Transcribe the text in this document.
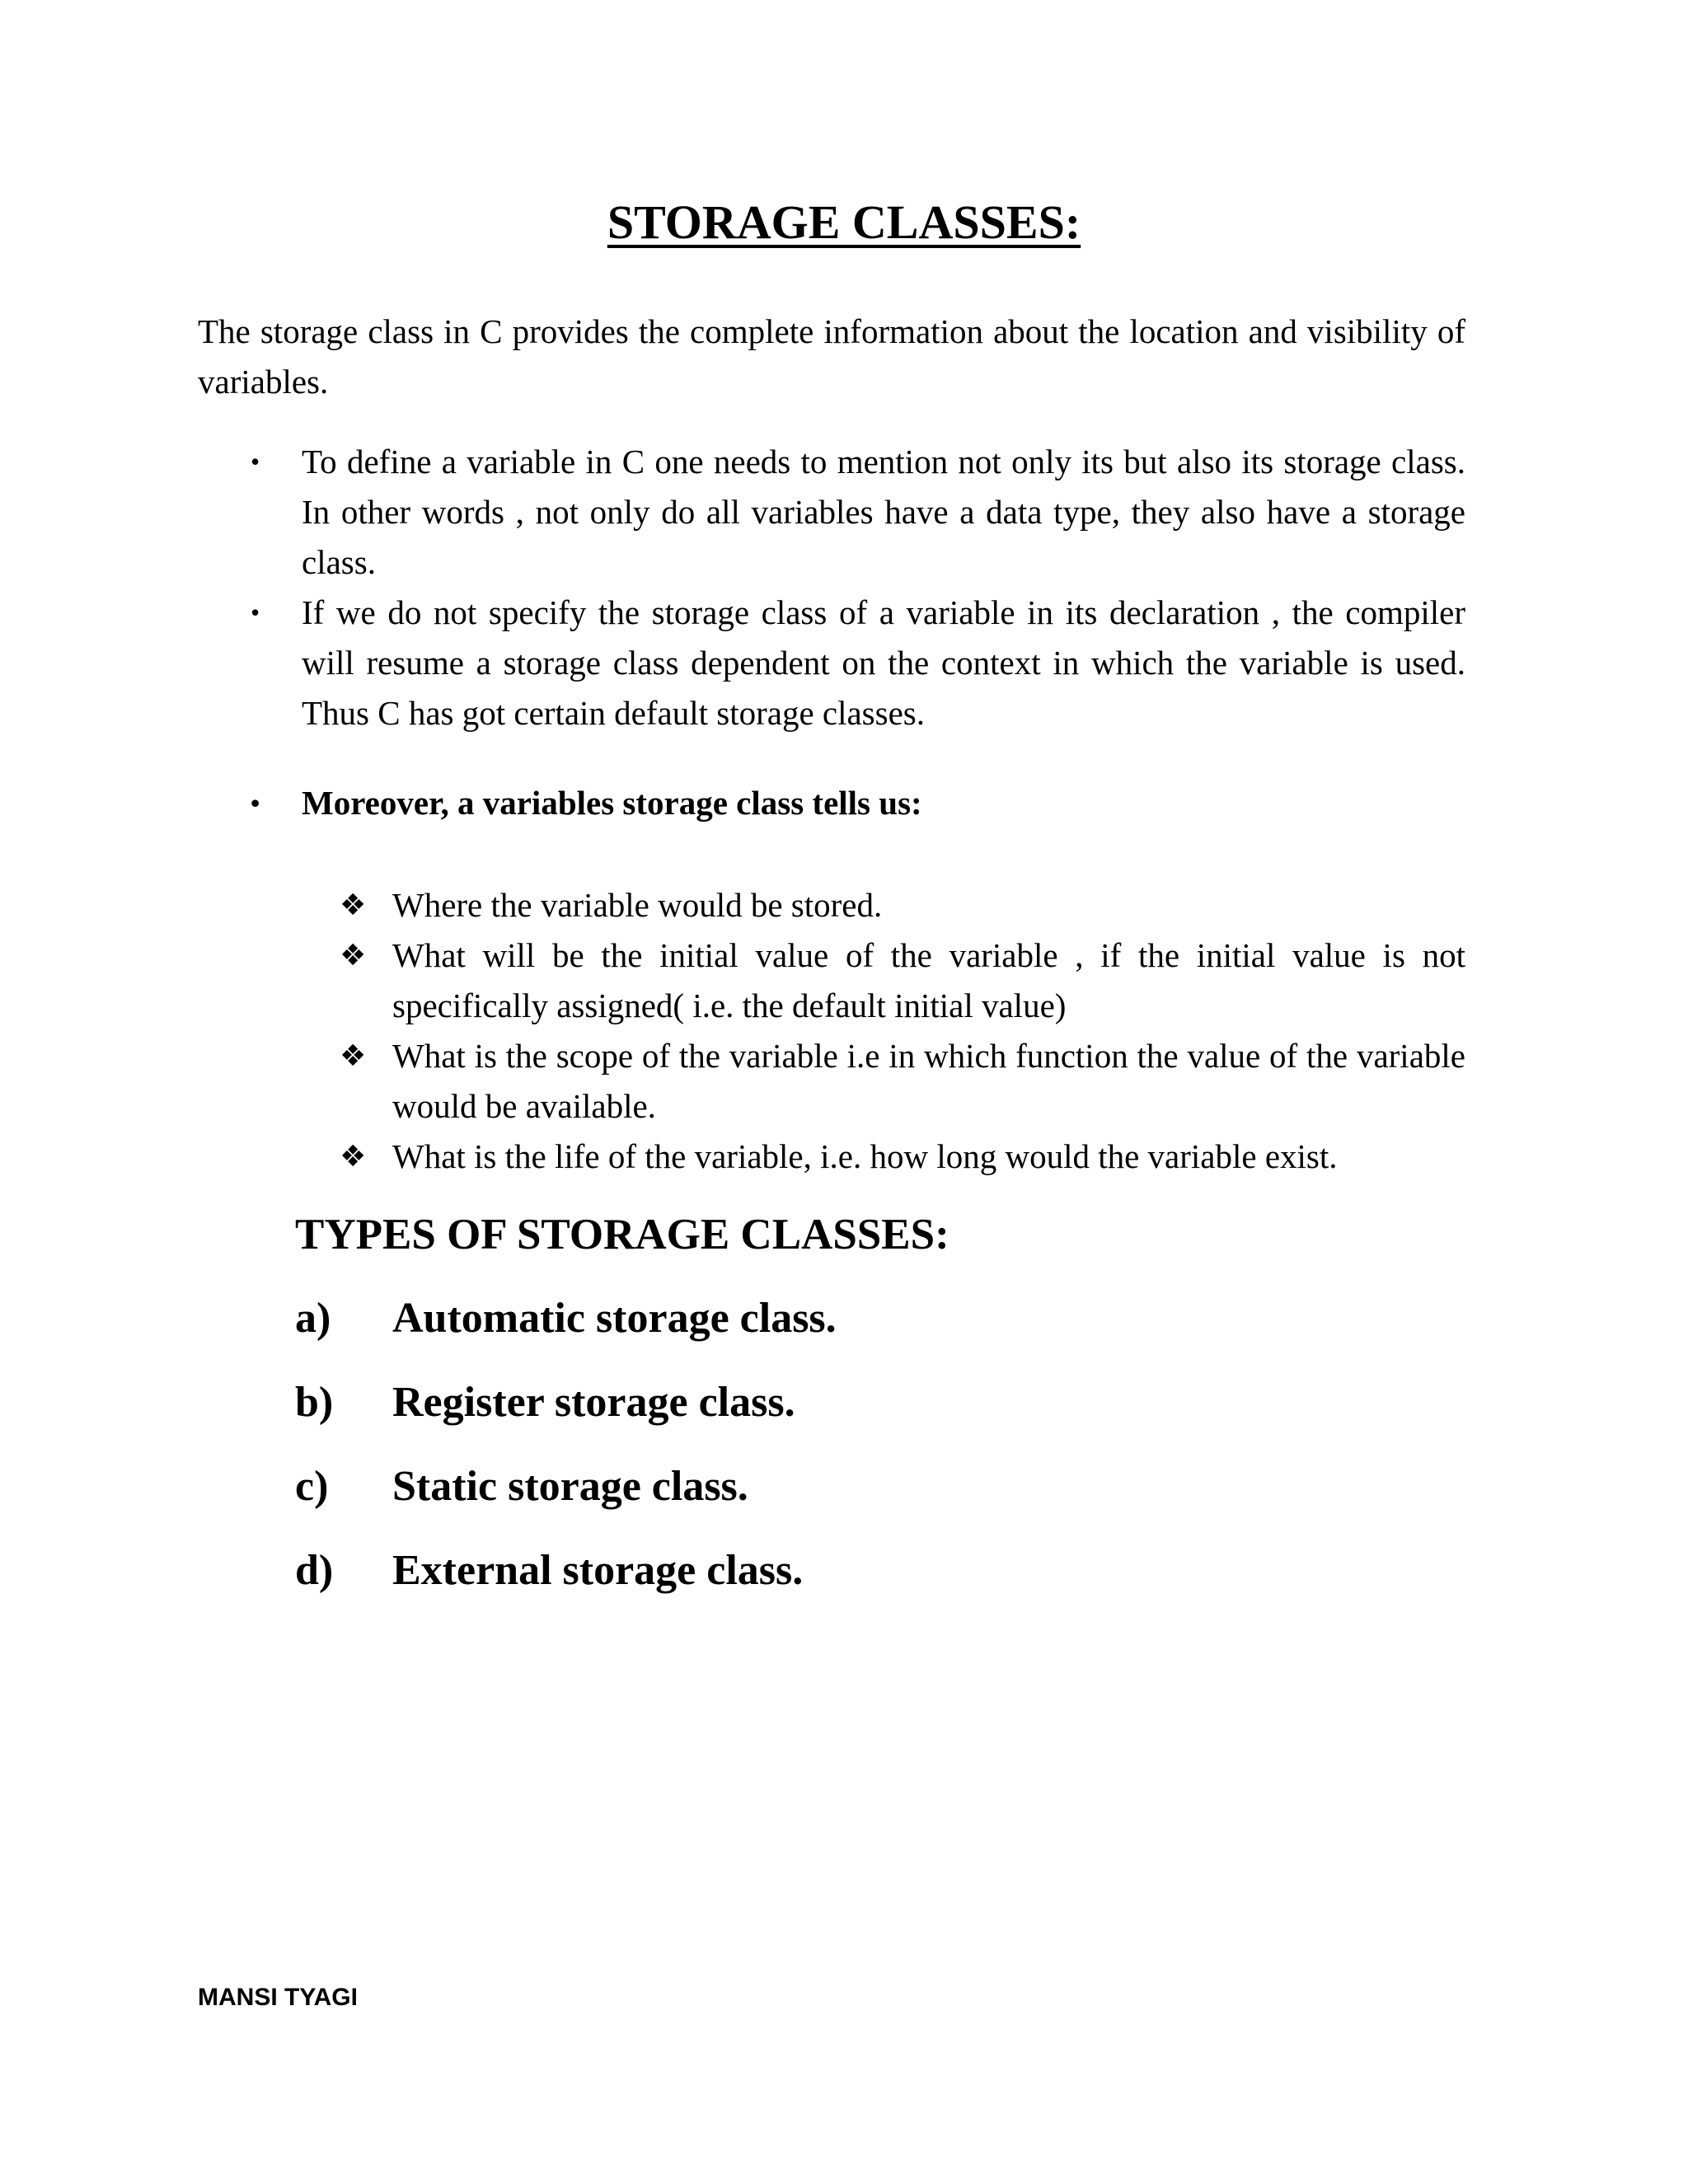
STORAGE CLASSES:
The storage class in C provides the complete information about the location and visibility of variables.
• To define a variable in C one needs to mention not only its but also its storage class. In other words , not only do all variables have a data type, they also have a storage class.
• If we do not specify the storage class of a variable in its declaration , the compiler will resume a storage class dependent on the context in which the variable is used. Thus C has got certain default storage classes.
• Moreover, a variables storage class tells us:
❖ Where the variable would be stored.
❖ What will be the initial value of the variable , if the initial value is not specifically assigned( i.e. the default initial value)
❖ What is the scope of the variable i.e in which function the value of the variable would be available.
❖ What is the life of the variable, i.e. how long would the variable exist.
TYPES OF STORAGE CLASSES:
a) Automatic storage class.
b) Register storage class.
c) Static storage class.
d) External storage class.
MANSI TYAGI
